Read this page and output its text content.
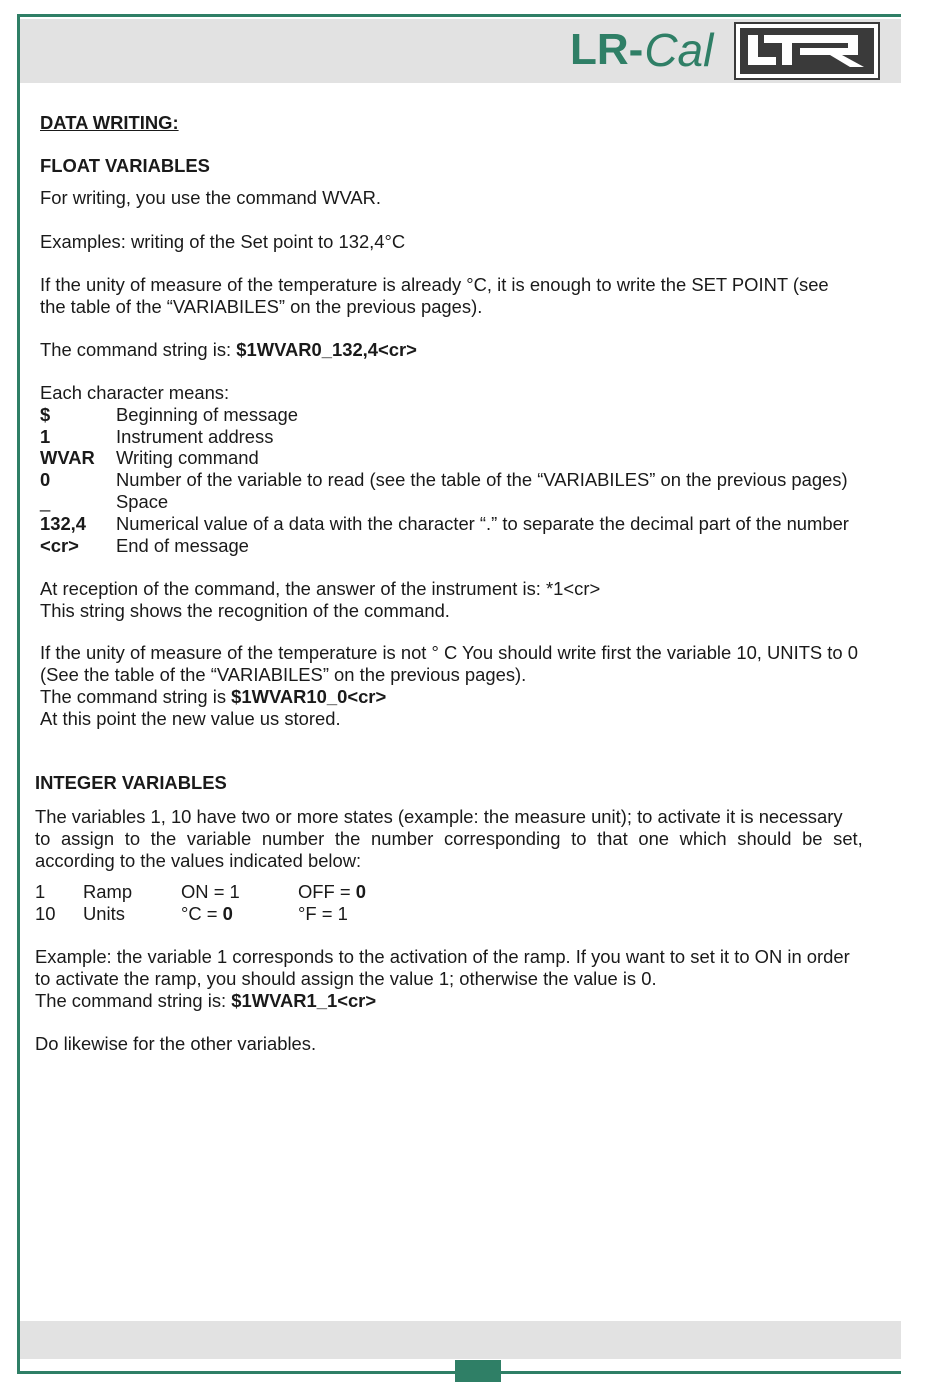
LR- Cal
DATA WRITING:
FLOAT VARIABLES
For writing, you use the command WVAR.
Examples: writing of the Set point to 132,4°C
If the unity of measure of the temperature is already °C, it is enough to write the SET POINT (see
the table of the “VARIABILES” on the previous pages).
The command string is: $1WVAR0_132,4<cr>
Each character means:
$	Beginning of message
1	Instrument address
WVAR Writing command
0	Number of the variable to read (see the table of the “VARIABILES” on the previous pages)
_	Space
132,4 Numerical value of a data with the character “.” to separate the decimal part of the number
<cr> End of message
At reception of the command, the answer of the instrument is: *1<cr>
This string shows the recognition of the command.
If the unity of measure of the temperature is not ° C You should write first the variable 10, UNITS to 0
(See the table of the “VARIABILES” on the previous pages).
The command string is $1WVAR10_0<cr>
At this point the new value us stored.
INTEGER VARIABLES
The variables 1, 10 have two or more states (example: the measure unit); to activate it is necessary
to assign to the variable number the number corresponding to that one which should be set,
according to the values indicated below:
1 Ramp	ON = 1	OFF = 0
10 Units	°C = 0	°F = 1
Example: the variable 1 corresponds to the activation of the ramp. If you want to set it to ON in order
to activate the ramp, you should assign the value 1; otherwise the value is 0.
The command string is: $1WVAR1_1<cr>
Do likewise for the other variables.
